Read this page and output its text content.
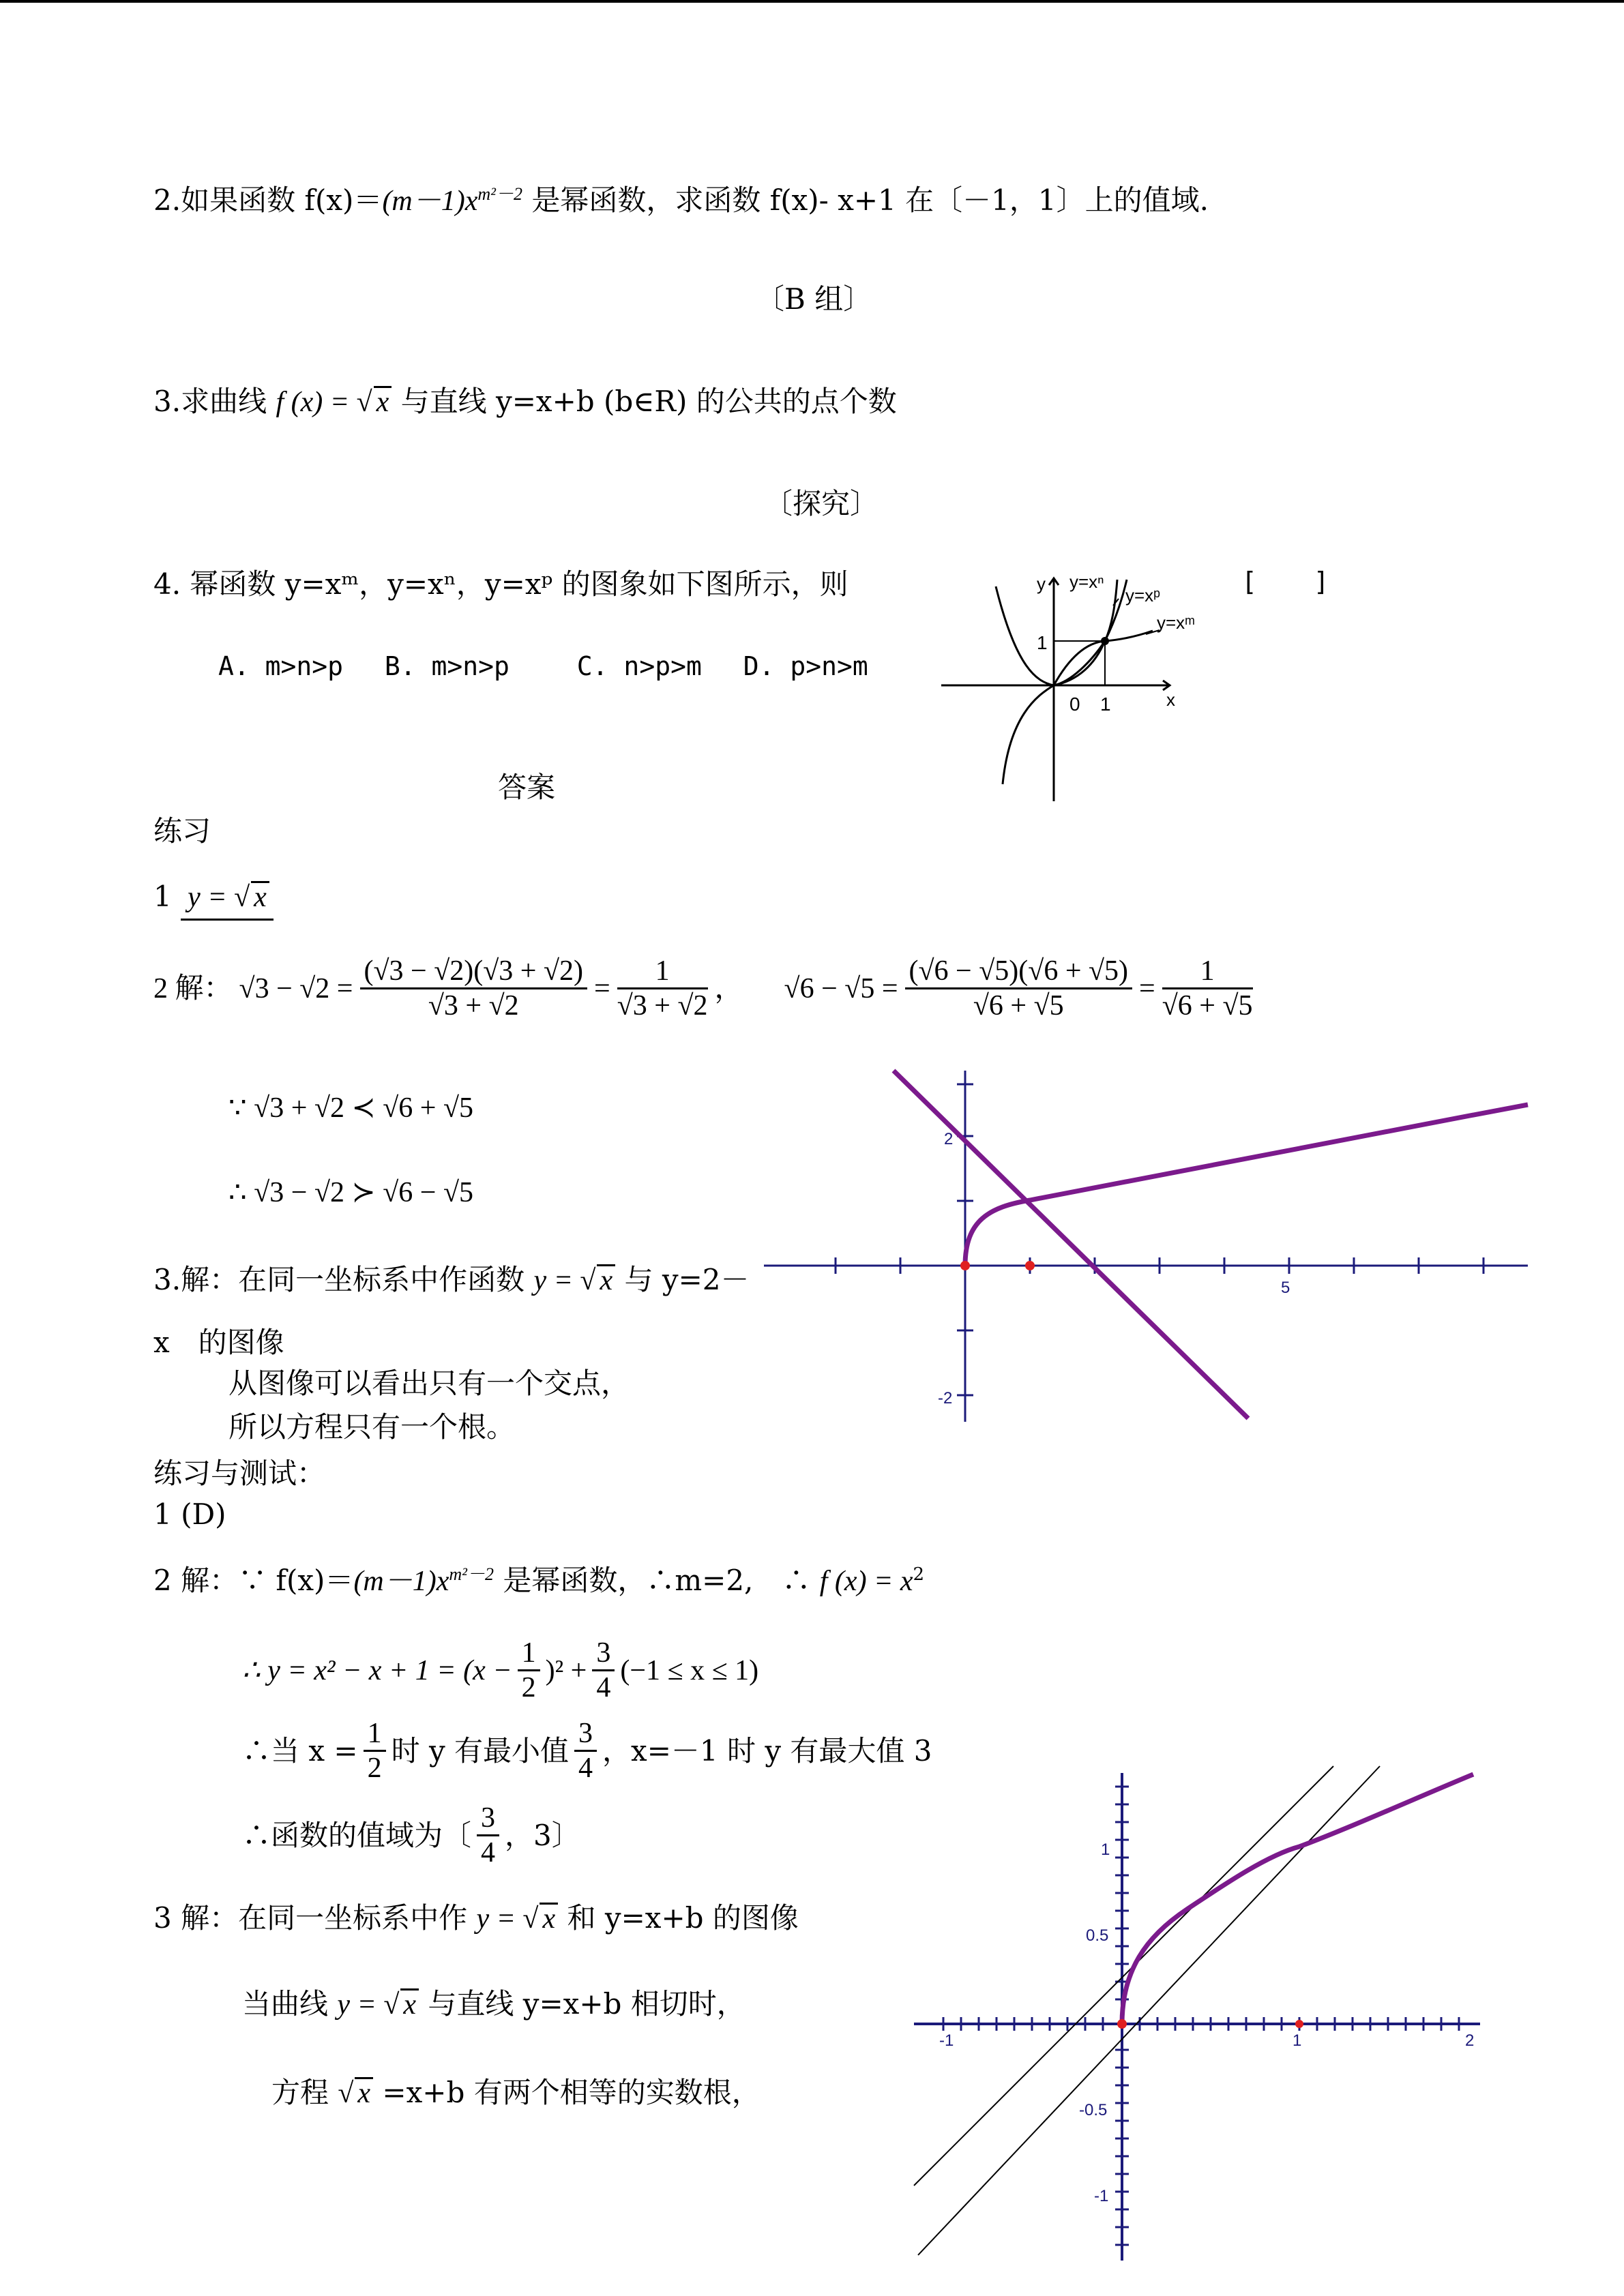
2.如果函数 $f(x)=(m-1)x^{m^2-2}$ 是幂函数，求函数 f(x)- x+1 在〔－1，1〕上的值域.
〔B 组〕
3.求曲线 f (x) = √ x 与直线 y=x+b (b∈R) 的公共的点个数
〔探究〕
4. 幂函数 y=xᵐ，y=xⁿ，y=xᵖ 的图象如下图所示，则	[ ]
A. m>n>p　 B. m>n>p　　 C. n>p>m　 D. p>n>m
y
x
0 1
1
y=xⁿ
y=xᵖ
y=xᵐ
答案
练习
1 y = √ x
2 解： $√3 - √2 = \frac{(√3 - √2)(√3 + √2)}{√3 + √2} = \frac{1}{√3 + √2}$ ， $√6 - √5 = \frac{(√6 - √5)(√6 + √5)}{√6 + √5} = \frac{1}{√6 + √5}$
∵ √3 + √2 ≺ √6 + √5
∴ √3 − √2 ≻ √6 − √5
3.解：在同一坐标系中作函数 y = √ x 与 y=2－
x　的图像
从图像可以看出只有一个交点，
所以方程只有一个根。
2
5
-2
练习与测试：
1 (D)
2 解：∵ $f(x)=(m-1)x^{m^2-2}$ 是幂函数，∴m=2,　∴ f $(x) = x^2$
∴ $y = x^2 - x + 1 = (x - \frac{1}{2} )^2 + \frac{3}{4} (-1 \le x \le 1)$
∴当 $x = \frac{1}{2}$ 时 y 有最小值 $\frac{3}{4}$ ，x=－1 时 y 有最大值 3
∴函数的值域为〔 $\frac{3}{4}$ ，3〕
3 解：在同一坐标系中作 y = √ x 和 y=x+b 的图像
当曲线 y = √ x 与直线 y=x+b 相切时，
方程 √ x =x+b 有两个相等的实数根，
1
0.5
-0.5
-1
-1	1	2
